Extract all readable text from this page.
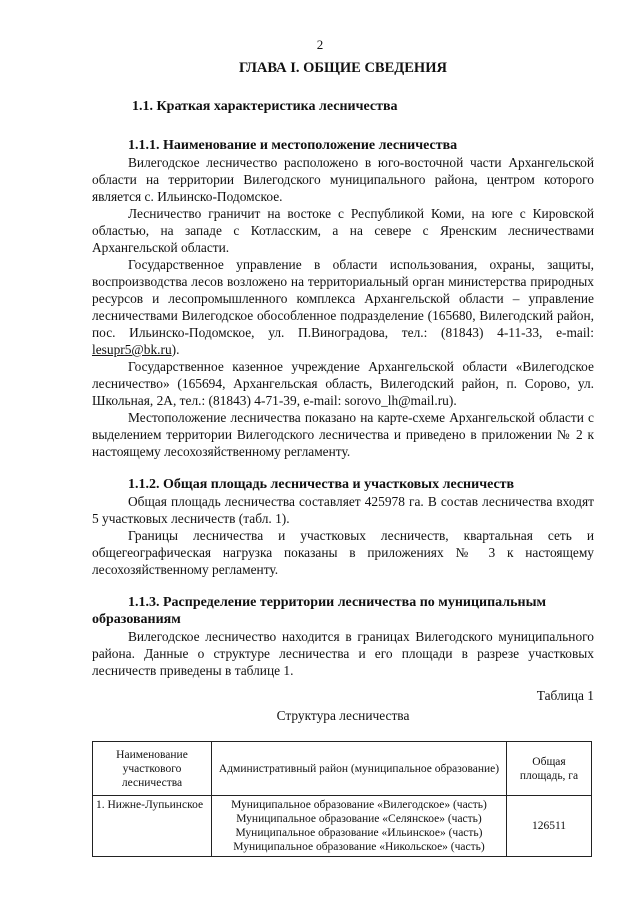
2
ГЛАВА I. ОБЩИЕ СВЕДЕНИЯ
1.1. Краткая характеристика лесничества
1.1.1. Наименование и местоположение лесничества

Вилегодское лесничество расположено в юго-восточной части Архангельской области на территории Вилегодского муниципального района, центром которого является с. Ильинско-Подомское.

Лесничество граничит на востоке с Республикой Коми, на юге с Кировской областью, на западе с Котласским, а на севере с Яренским лесничествами Архангельской области.

Государственное управление в области использования, охраны, защиты, воспроизводства лесов возложено на территориальный орган министерства природных ресурсов и лесопромышленного комплекса Архангельской области – управление лесничествами Вилегодское обособленное подразделение (165680, Вилегодский район, пос. Ильинско-Подомское, ул. П.Виноградова, тел.: (81843) 4-11-33, e-mail: lesupr5@bk.ru).

Государственное казенное учреждение Архангельской области «Вилегодское лесничество» (165694, Архангельская область, Вилегодский район, п. Сорово, ул. Школьная, 2А, тел.: (81843) 4-71-39, e-mail: sorovo_lh@mail.ru).

Местоположение лесничества показано на карте-схеме Архангельской области с выделением территории Вилегодского лесничества и приведено в приложении № 2 к настоящему лесохозяйственному регламенту.

1.1.2. Общая площадь лесничества и участковых лесничеств

Общая площадь лесничества составляет 425978 га. В состав лесничества входят 5 участковых лесничеств (табл. 1).

Границы лесничества и участковых лесничеств, квартальная сеть и общегеографическая нагрузка показаны в приложениях № 3 к настоящему лесохозяйственному регламенту.

1.1.3. Распределение территории лесничества по муниципальным образованиям

Вилегодское лесничество находится в границах Вилегодского муниципального района. Данные о структуре лесничества и его площади в разрезе участковых лесничеств приведены в таблице 1.

Таблица 1
Структура лесничества
Наименование участкового лесничества	Административный район (муниципальное образование)	Общая площадь, га
1. Нижне-Лупьинское	Муниципальное образование «Вилегодское» (часть)
Муниципальное образование «Селянское» (часть)
Муниципальное образование «Ильинское» (часть)
Муниципальное образование «Никольское» (часть)	126511
